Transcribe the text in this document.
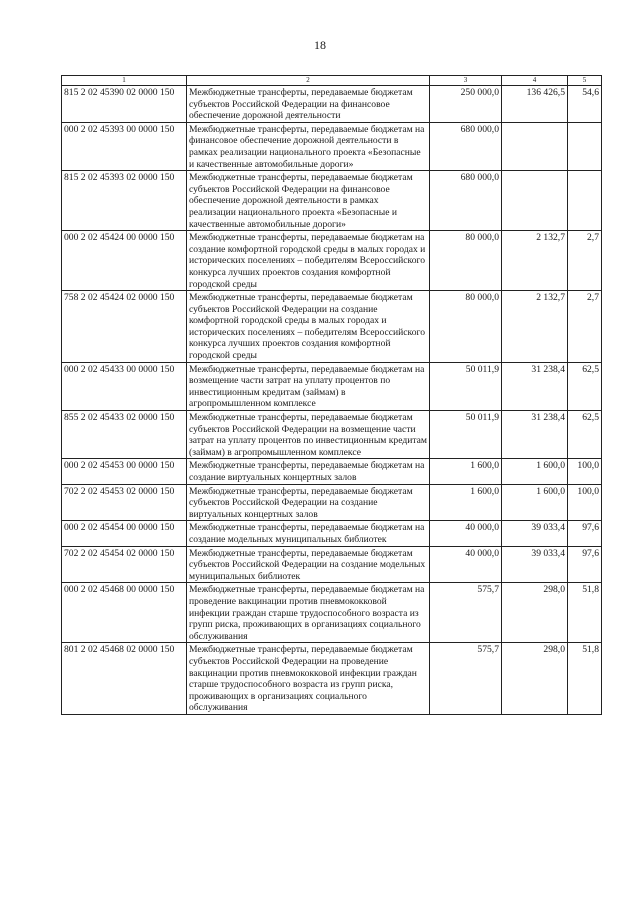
18
1	2	3	4	5
815 2 02 45390 02 0000 150	Межбюджетные трансферты, передаваемые бюджетам субъектов Российской Федерации на финансовое обеспечение дорожной деятельности	250 000,0	136 426,5	54,6
000 2 02 45393 00 0000 150	Межбюджетные трансферты, передаваемые бюджетам на финансовое обеспечение дорожной деятельности в рамках реализации национального проекта «Безопасные и качественные автомобильные дороги»	680 000,0		
815 2 02 45393 02 0000 150	Межбюджетные трансферты, передаваемые бюджетам субъектов Российской Федерации на финансовое обеспечение дорожной деятельности в рамках реализации национального проекта «Безопасные и качественные автомобильные дороги»	680 000,0		
000 2 02 45424 00 0000 150	Межбюджетные трансферты, передаваемые бюджетам на создание комфортной городской среды в малых городах и исторических поселениях – победителям Всероссийского конкурса лучших проектов создания комфортной городской среды	80 000,0	2 132,7	2,7
758 2 02 45424 02 0000 150	Межбюджетные трансферты, передаваемые бюджетам субъектов Российской Федерации на создание комфортной городской среды в малых городах и исторических поселениях – победителям Всероссийского конкурса лучших проектов создания комфортной городской среды	80 000,0	2 132,7	2,7
000 2 02 45433 00 0000 150	Межбюджетные трансферты, передаваемые бюджетам на возмещение части затрат на уплату процентов по инвестиционным кредитам (займам) в агропромышленном комплексе	50 011,9	31 238,4	62,5
855 2 02 45433 02 0000 150	Межбюджетные трансферты, передаваемые бюджетам субъектов Российской Федерации на возмещение части затрат на уплату процентов по инвестиционным кредитам (займам) в агропромышленном комплексе	50 011,9	31 238,4	62,5
000 2 02 45453 00 0000 150	Межбюджетные трансферты, передаваемые бюджетам на создание виртуальных концертных залов	1 600,0	1 600,0	100,0
702 2 02 45453 02 0000 150	Межбюджетные трансферты, передаваемые бюджетам субъектов Российской Федерации на создание виртуальных концертных залов	1 600,0	1 600,0	100,0
000 2 02 45454 00 0000 150	Межбюджетные трансферты, передаваемые бюджетам на создание модельных муниципальных библиотек	40 000,0	39 033,4	97,6
702 2 02 45454 02 0000 150	Межбюджетные трансферты, передаваемые бюджетам субъектов Российской Федерации на создание модельных муниципальных библиотек	40 000,0	39 033,4	97,6
000 2 02 45468 00 0000 150	Межбюджетные трансферты, передаваемые бюджетам на проведение вакцинации против пневмококковой инфекции граждан старше трудоспособного возраста из групп риска, проживающих в организациях социального обслуживания	575,7	298,0	51,8
801 2 02 45468 02 0000 150	Межбюджетные трансферты, передаваемые бюджетам субъектов Российской Федерации на проведение вакцинации против пневмококковой инфекции граждан старше трудоспособного возраста из групп риска, проживающих в организациях социального обслуживания	575,7	298,0	51,8
